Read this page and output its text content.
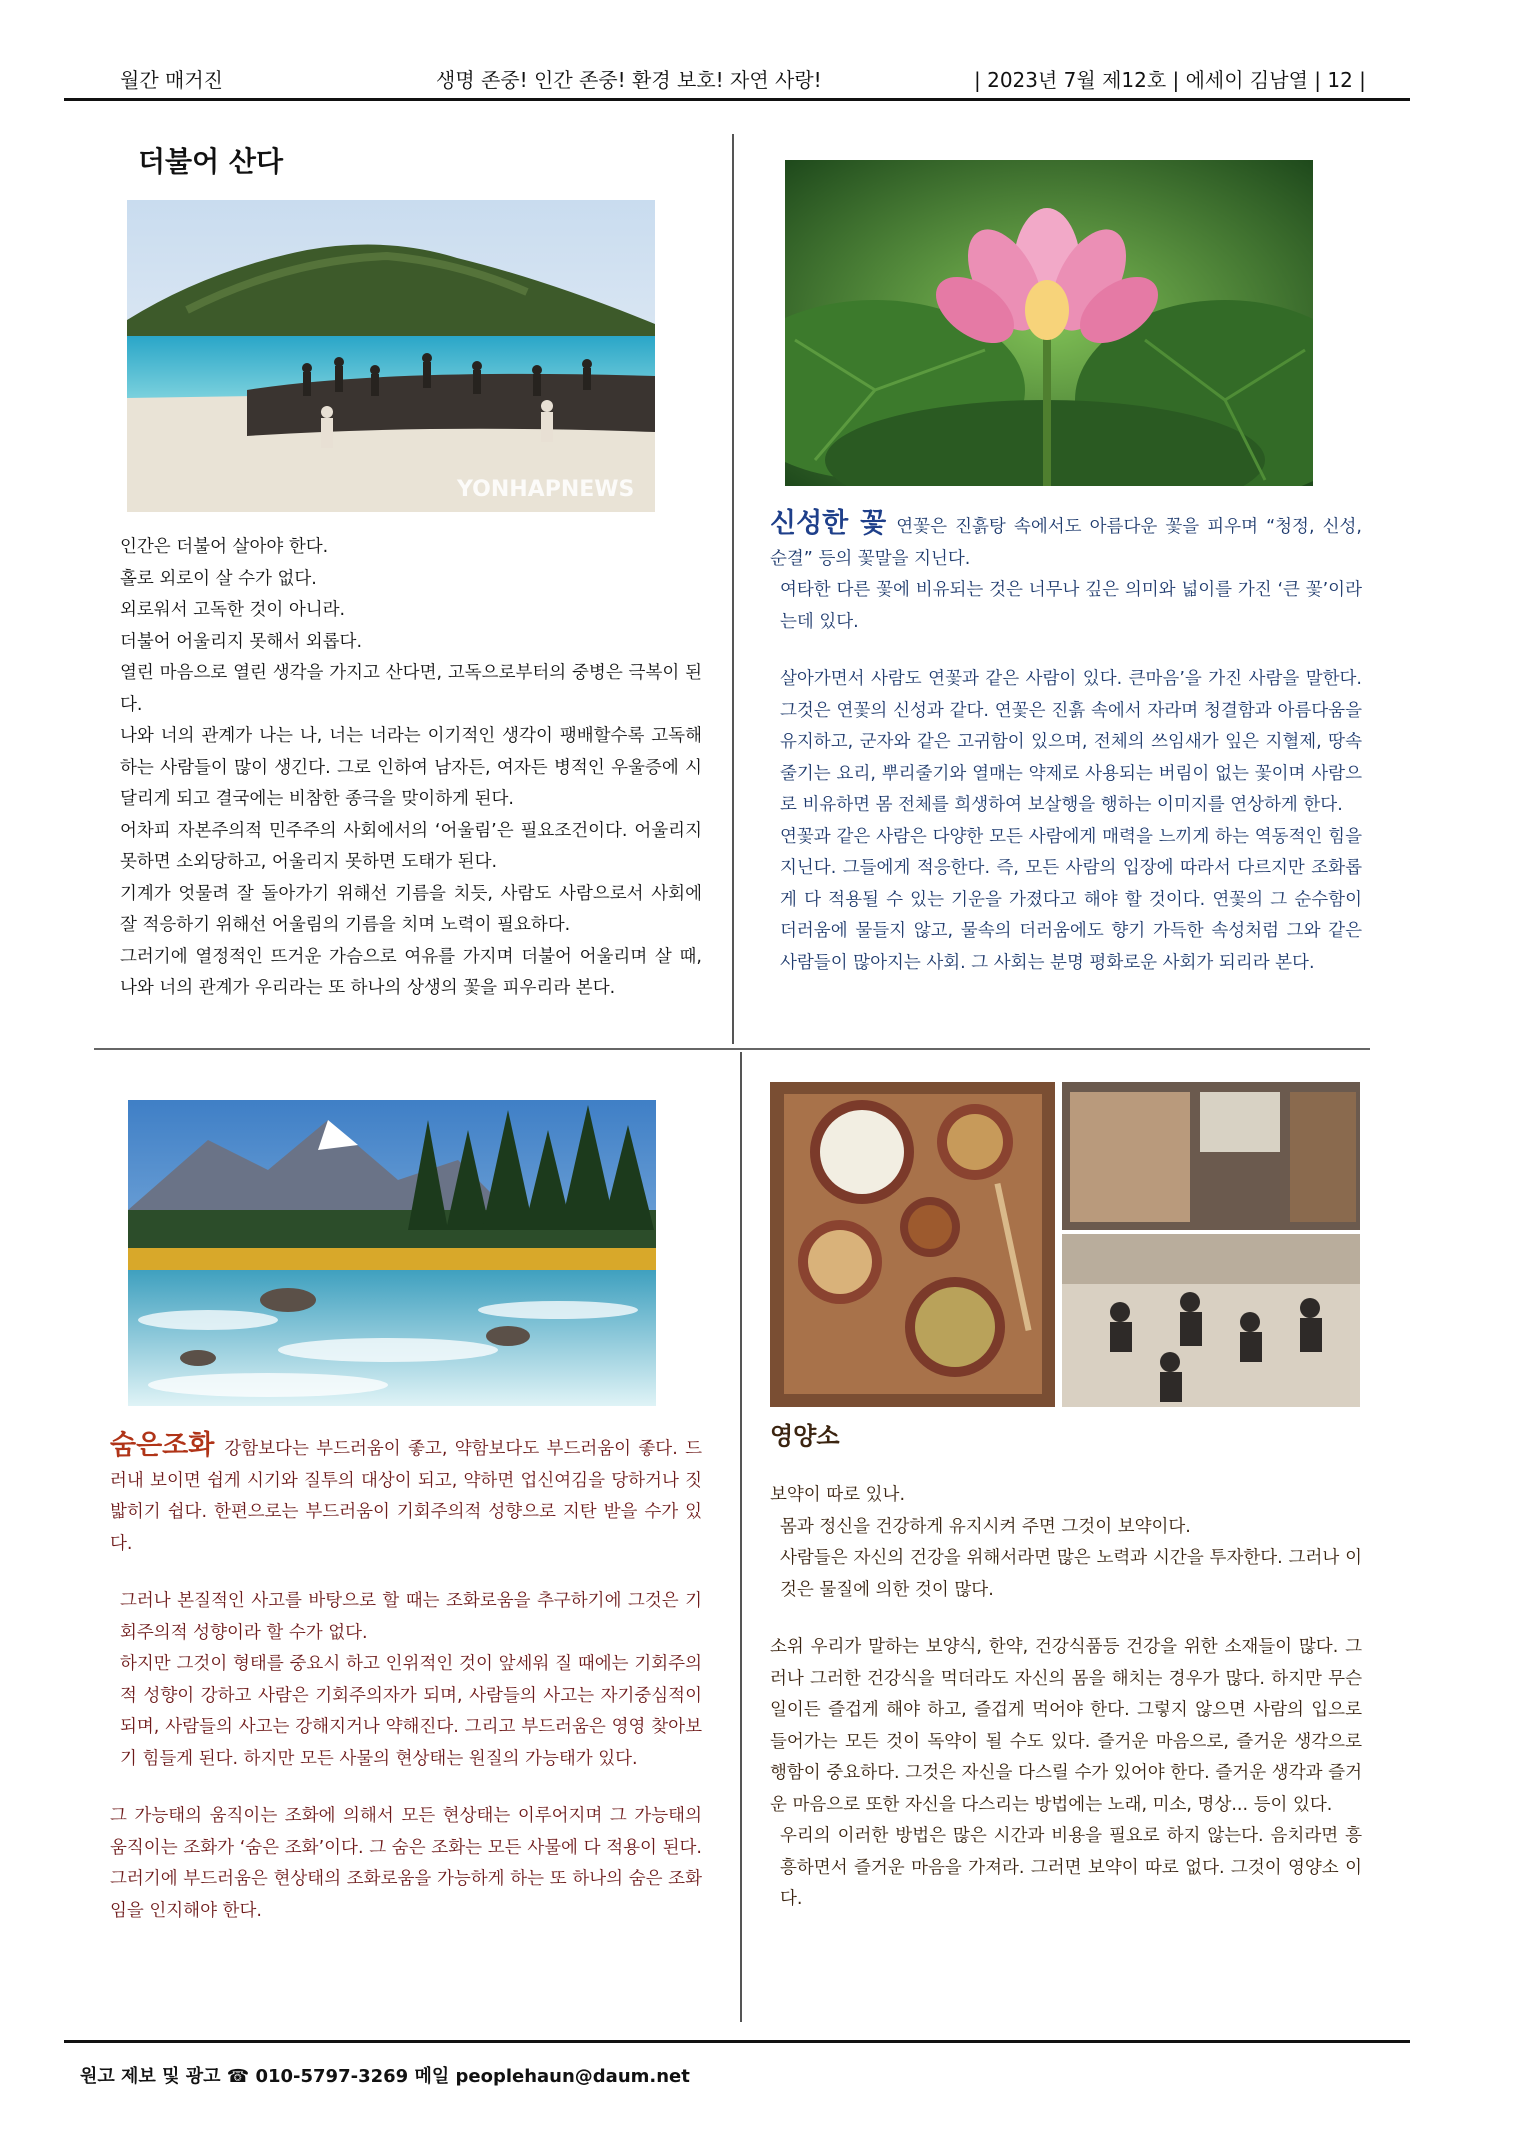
월간 매거진	생명 존중! 인간 존중! 환경 보호! 자연 사랑!	| 2023년 7월 제12호 | 에세이 김남열 | 12 |
더불어 산다
YONHAPNEWS

인간은 더불어 살아야 한다.

홀로 외로이 살 수가 없다.

외로워서 고독한 것이 아니라.

더불어 어울리지 못해서 외롭다.

열린 마음으로 열린 생각을 가지고 산다면, 고독으로부터의 중병은 극복이 된다.

나와 너의 관계가 나는 나, 너는 너라는 이기적인 생각이 팽배할수록 고독해 하는 사람들이 많이 생긴다. 그로 인하여 남자든, 여자든 병적인 우울증에 시달리게 되고 결국에는 비참한 종극을 맞이하게 된다.

어차피 자본주의적 민주주의 사회에서의 ‘어울림’은 필요조건이다. 어울리지 못하면 소외당하고, 어울리지 못하면 도태가 된다.

기계가 엇물려 잘 돌아가기 위해선 기름을 치듯, 사람도 사람으로서 사회에 잘 적응하기 위해선 어울림의 기름을 치며 노력이 필요하다.

그러기에 열정적인 뜨거운 가슴으로 여유를 가지며 더불어 어울리며 살 때, 나와 너의 관계가 우리라는 또 하나의 상생의 꽃을 피우리라 본다.

신성한 꽃 연꽃은 진흙탕 속에서도 아름다운 꽃을 피우며 “청정, 신성, 순결” 등의 꽃말을 지닌다.

여타한 다른 꽃에 비유되는 것은 너무나 깊은 의미와 넓이를 가진 ‘큰 꽃’이라는데 있다.

살아가면서 사람도 연꽃과 같은 사람이 있다. 큰마음’을 가진 사람을 말한다. 그것은 연꽃의 신성과 같다. 연꽃은 진흙 속에서 자라며 청결함과 아름다움을 유지하고, 군자와 같은 고귀함이 있으며, 전체의 쓰임새가 잎은 지혈제, 땅속줄기는 요리, 뿌리줄기와 열매는 약제로 사용되는 버림이 없는 꽃이며 사람으로 비유하면 몸 전체를 희생하여 보살행을 행하는 이미지를 연상하게 한다.

연꽃과 같은 사람은 다양한 모든 사람에게 매력을 느끼게 하는 역동적인 힘을 지닌다. 그들에게 적응한다. 즉, 모든 사람의 입장에 따라서 다르지만 조화롭게 다 적용될 수 있는 기운을 가졌다고 해야 할 것이다. 연꽃의 그 순수함이 더러움에 물들지 않고, 물속의 더러움에도 향기 가득한 속성처럼 그와 같은 사람들이 많아지는 사회. 그 사회는 분명 평화로운 사회가 되리라 본다.

숨은조화 강함보다는 부드러움이 좋고, 약함보다도 부드러움이 좋다. 드러내 보이면 쉽게 시기와 질투의 대상이 되고, 약하면 업신여김을 당하거나 짓밟히기 쉽다. 한편으로는 부드러움이 기회주의적 성향으로 지탄 받을 수가 있다.

그러나 본질적인 사고를 바탕으로 할 때는 조화로움을 추구하기에 그것은 기회주의적 성향이라 할 수가 없다.

하지만 그것이 형태를 중요시 하고 인위적인 것이 앞세워 질 때에는 기회주의적 성향이 강하고 사람은 기회주의자가 되며, 사람들의 사고는 자기중심적이 되며, 사람들의 사고는 강해지거나 약해진다. 그리고 부드러움은 영영 찾아보기 힘들게 된다. 하지만 모든 사물의 현상태는 원질의 가능태가 있다.

그 가능태의 움직이는 조화에 의해서 모든 현상태는 이루어지며 그 가능태의 움직이는 조화가 ‘숨은 조화’이다. 그 숨은 조화는 모든 사물에 다 적용이 된다. 그러기에 부드러움은 현상태의 조화로움을 가능하게 하는 또 하나의 숨은 조화임을 인지해야 한다.

영양소

보약이 따로 있나.

몸과 정신을 건강하게 유지시켜 주면 그것이 보약이다.

사람들은 자신의 건강을 위해서라면 많은 노력과 시간을 투자한다. 그러나 이것은 물질에 의한 것이 많다.

소위 우리가 말하는 보양식, 한약, 건강식품등 건강을 위한 소재들이 많다. 그러나 그러한 건강식을 먹더라도 자신의 몸을 해치는 경우가 많다. 하지만 무슨 일이든 즐겁게 해야 하고, 즐겁게 먹어야 한다. 그렇지 않으면 사람의 입으로 들어가는 모든 것이 독약이 될 수도 있다. 즐거운 마음으로, 즐거운 생각으로 행함이 중요하다. 그것은 자신을 다스릴 수가 있어야 한다. 즐거운 생각과 즐거운 마음으로 또한 자신을 다스리는 방법에는 노래, 미소, 명상... 등이 있다.

우리의 이러한 방법은 많은 시간과 비용을 필요로 하지 않는다. 음치라면 흥흥하면서 즐거운 마음을 가져라. 그러면 보약이 따로 없다. 그것이 영양소 이다.

원고 제보 및 광고 ☎ 010-5797-3269 메일 peoplehaun@daum.net
